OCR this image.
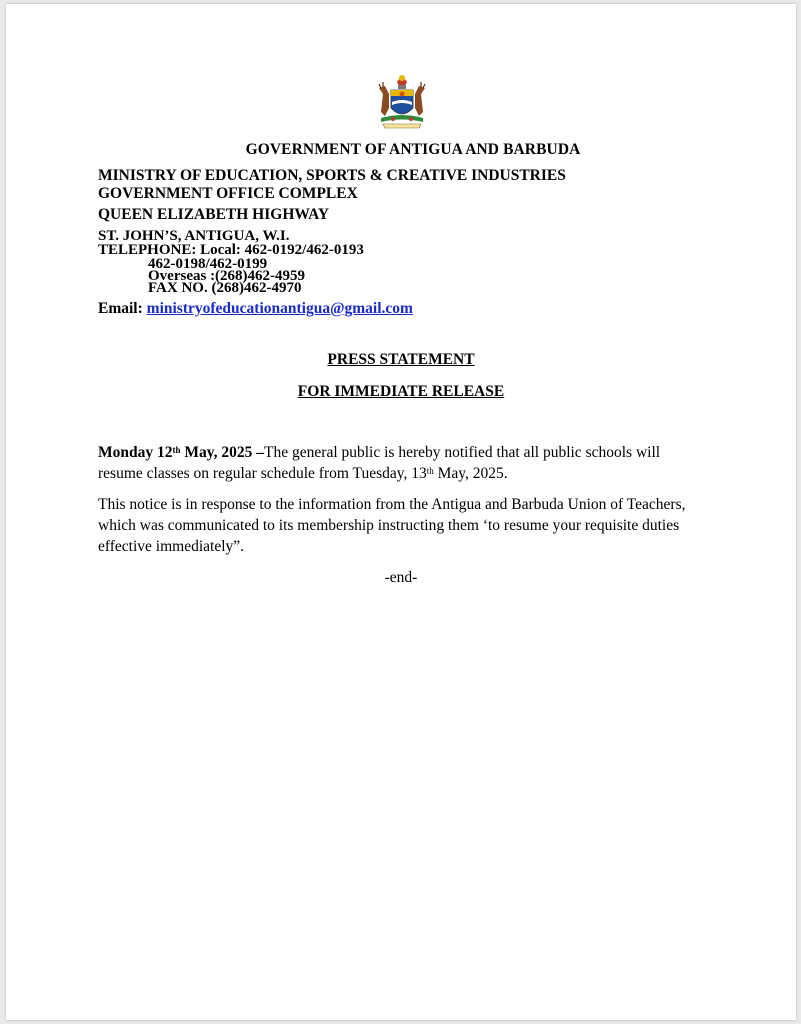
GOVERNMENT OF ANTIGUA AND BARBUDA
MINISTRY OF EDUCATION, SPORTS & CREATIVE INDUSTRIES
GOVERNMENT OFFICE COMPLEX
QUEEN ELIZABETH HIGHWAY
ST. JOHN’S, ANTIGUA, W.I.
TELEPHONE: Local: 462-0192/462-0193
462-0198/462-0199
Overseas :(268)462-4959
FAX NO. (268)462-4970
Email: ministryofeducationantigua@gmail.com
PRESS STATEMENT
FOR IMMEDIATE RELEASE
Monday 12th May, 2025 –The general public is hereby notified that all public schools will resume classes on regular schedule from Tuesday, 13th May, 2025.
This notice is in response to the information from the Antigua and Barbuda Union of Teachers, which was communicated to its membership instructing them ‘to resume your requisite duties effective immediately”.
-end-
